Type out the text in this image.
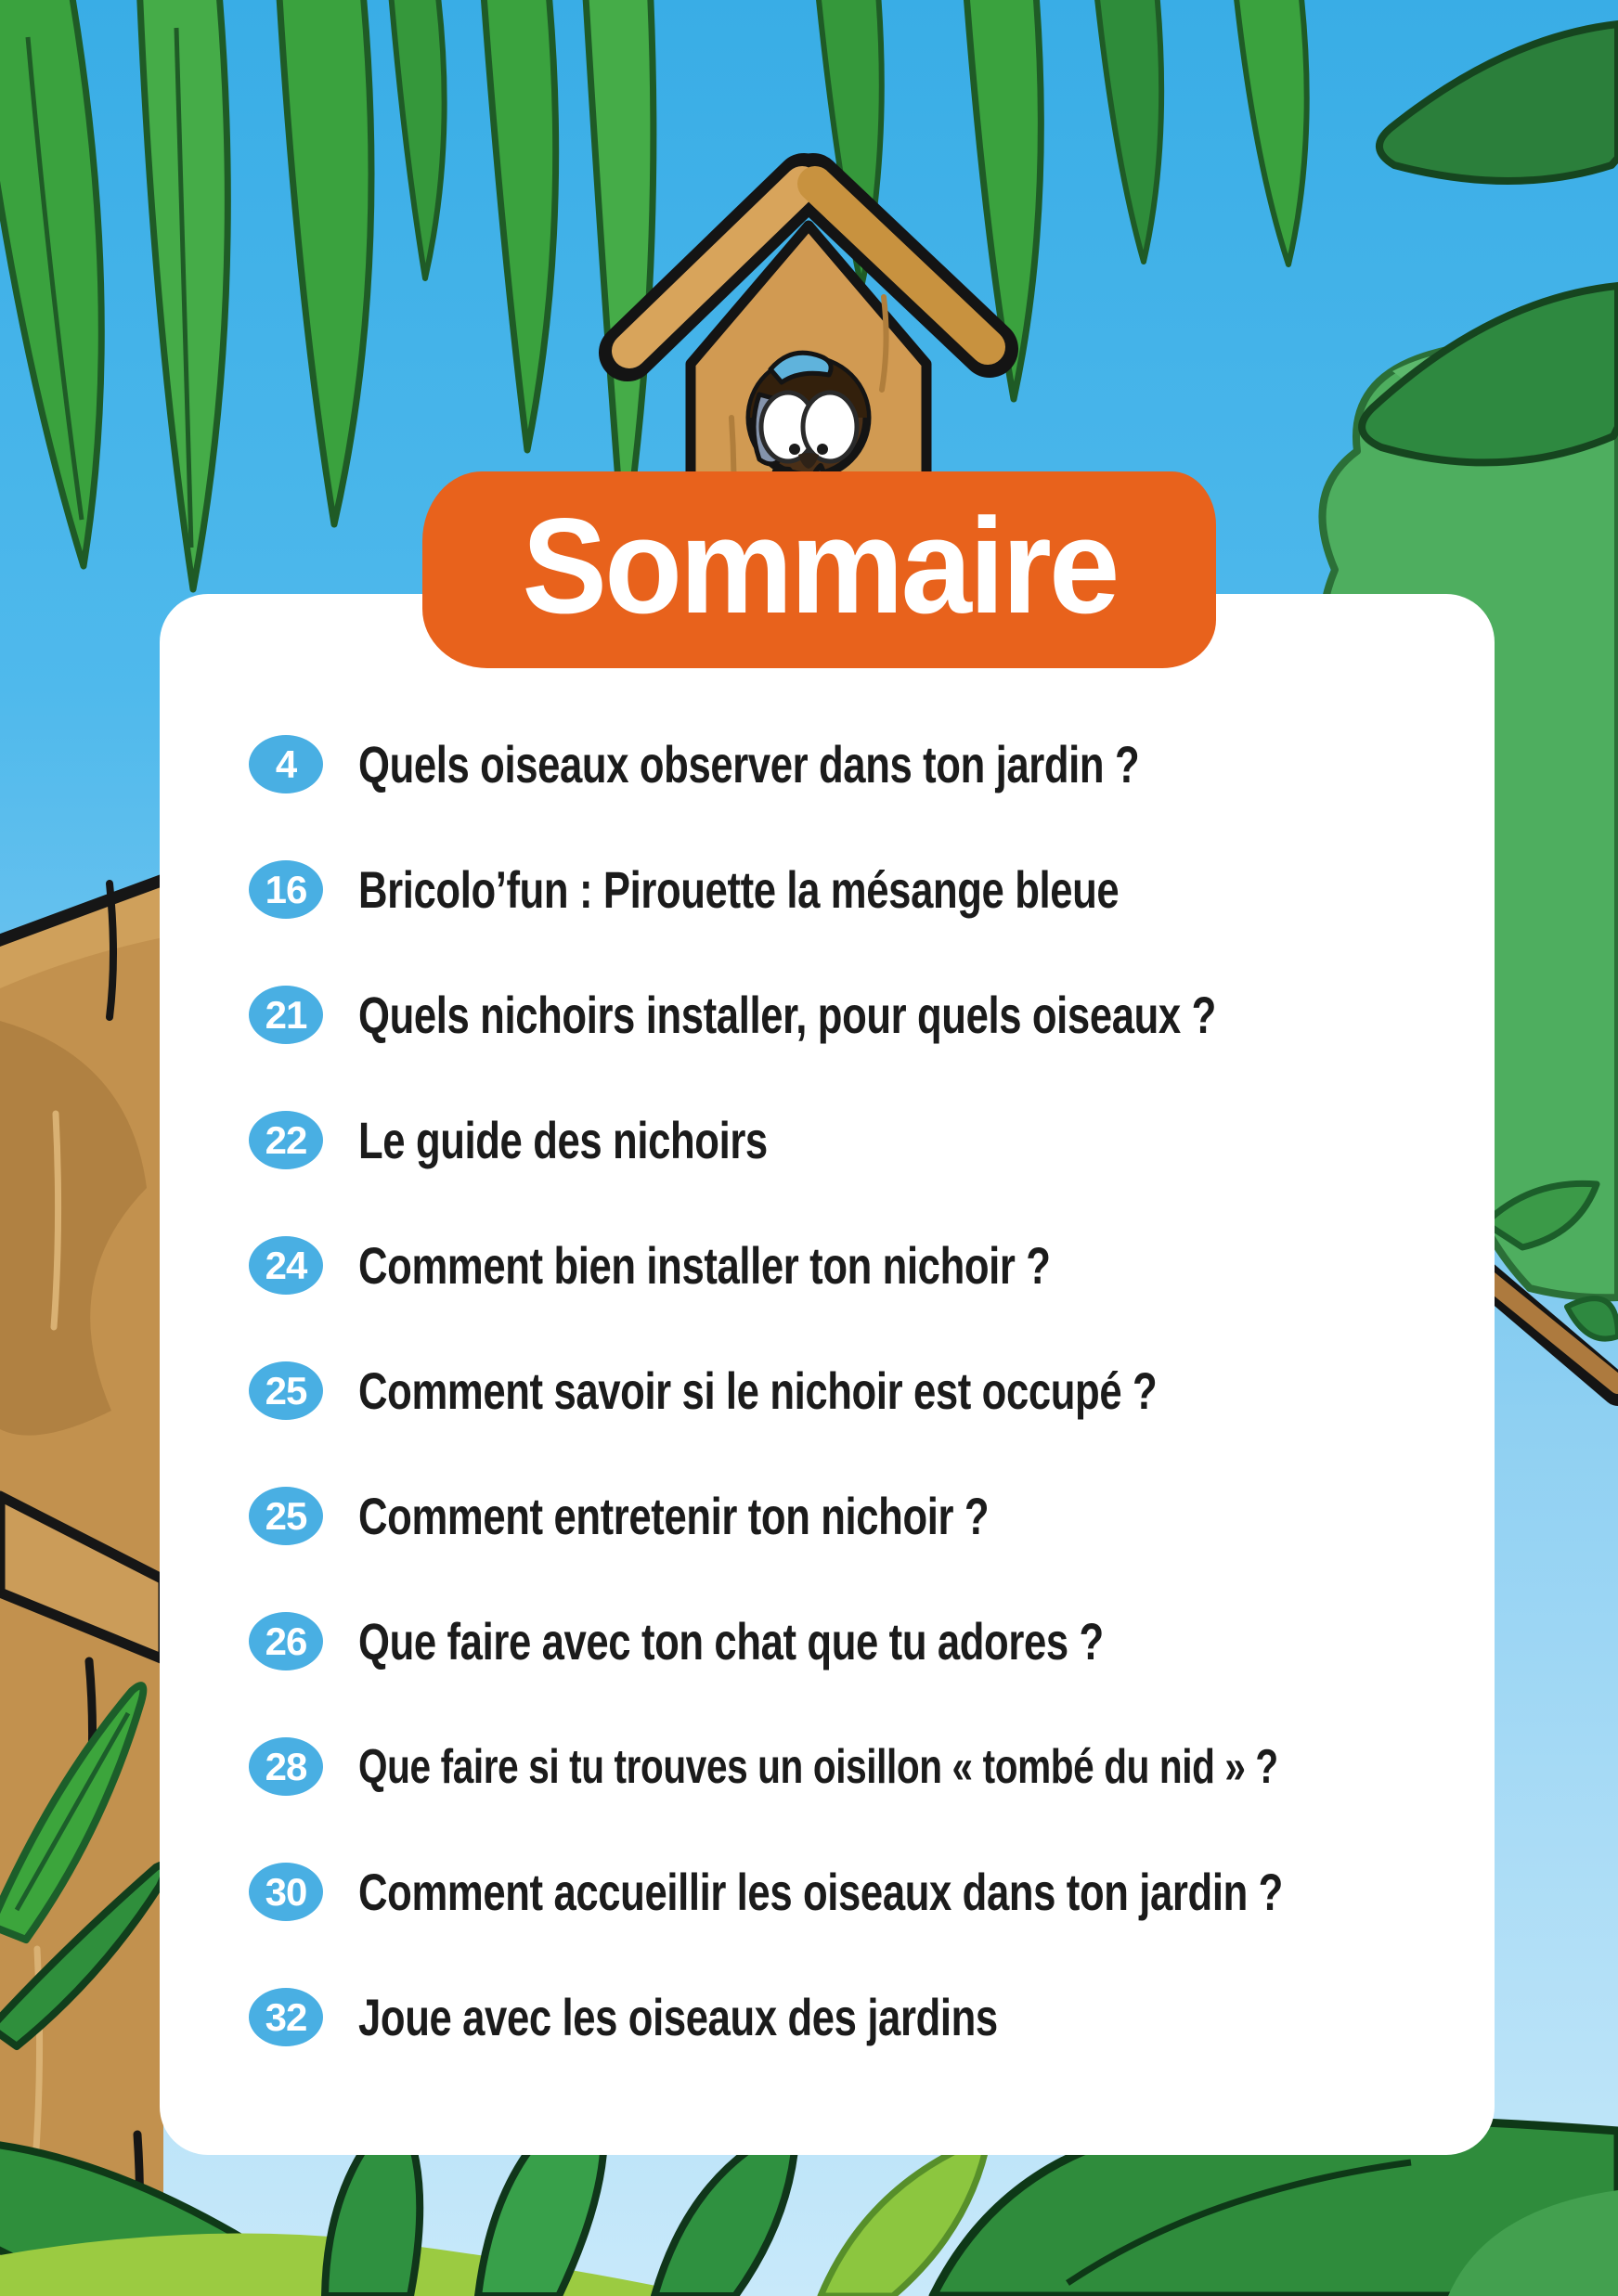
Sommaire
4	Quels oiseaux observer dans ton jardin ?
16 Bricolo’fun : Pirouette la mésange bleue
21 Quels nichoirs installer, pour quels oiseaux ?
22 Le guide des nichoirs
24 Comment bien installer ton nichoir ?
25 Comment savoir si le nichoir est occupé ?
25 Comment entretenir ton nichoir ?
26 Que faire avec ton chat que tu adores ?
28	Que faire si tu trouves un oisillon « tombé du nid » ?
30 Comment accueillir les oiseaux dans ton jardin ?
32 Joue avec les oiseaux des jardins
